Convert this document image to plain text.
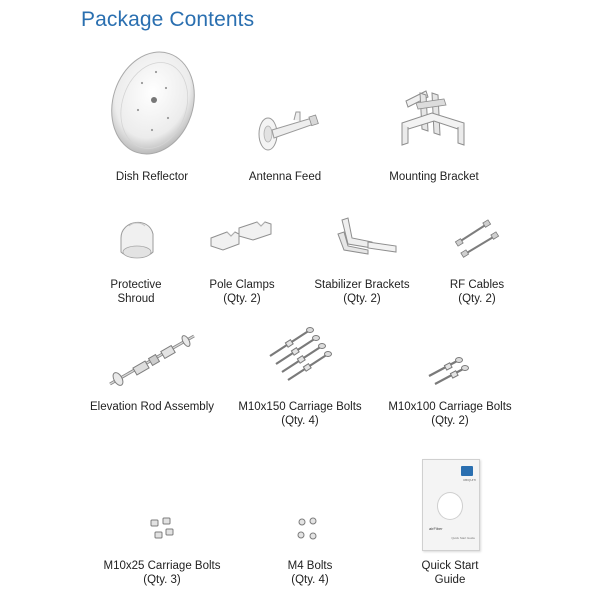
Package Contents
Dish Reflector	Antenna Feed	Mounting Bracket
Protective
Shroud
Pole Clamps
(Qty. 2)
Stabilizer Brackets
(Qty. 2)
RF Cables
(Qty. 2)
Elevation Rod Assembly M10x150 Carriage Bolts
(Qty. 4)
M10x100 Carriage Bolts
(Qty. 2)
M10x25 Carriage Bolts
(Qty. 3)
M4 Bolts
(Qty. 4)
UBIQUITI
airFiber
Quick Start Guide
Quick Start
Guide
